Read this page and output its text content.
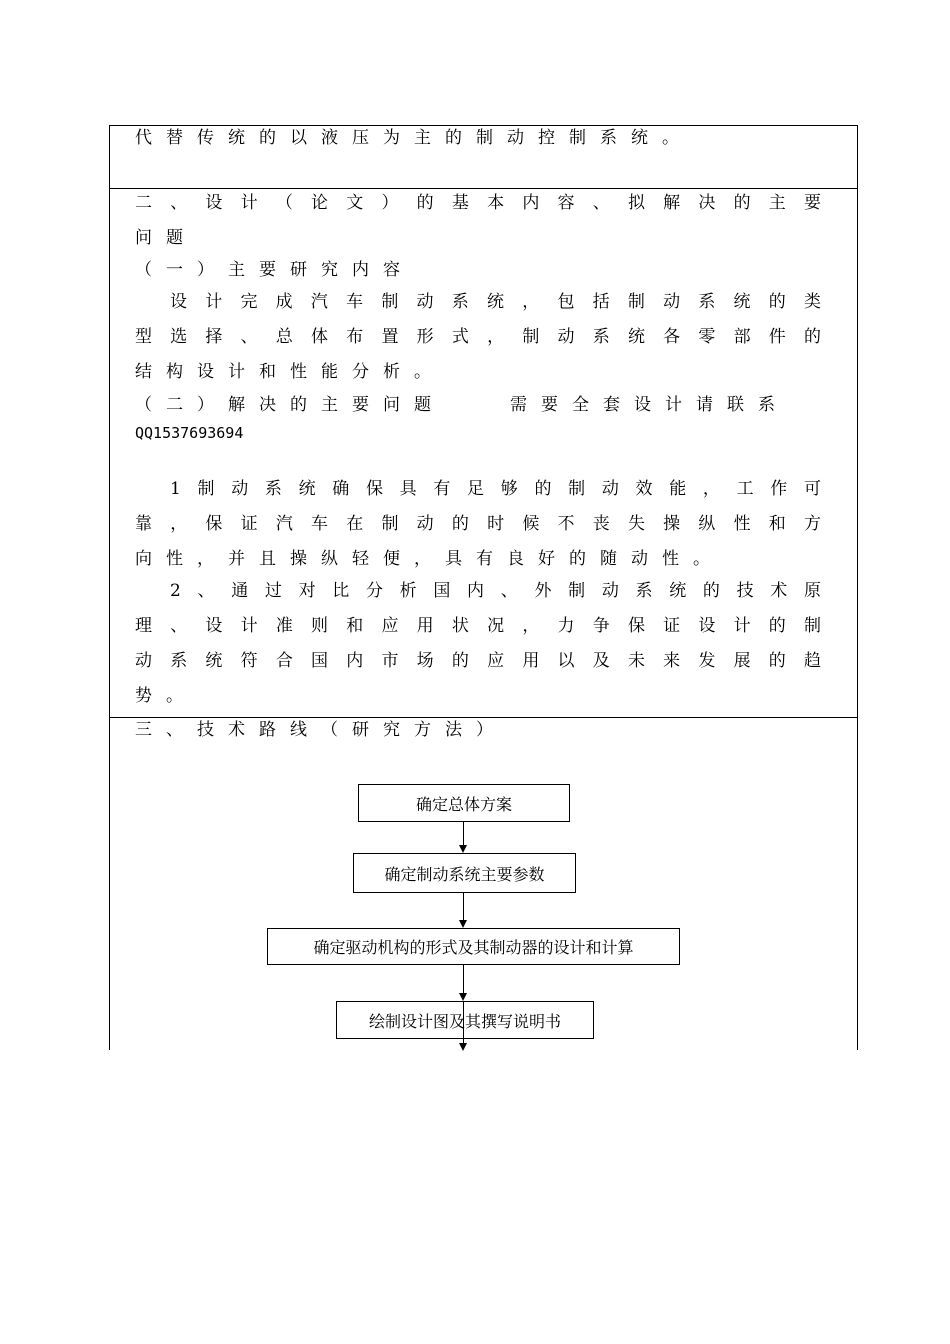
代替传统的以液压为主的制动控制系统。
二、设计（论文）的基本内容、拟解决的主要
问题
（一）主要研究内容
设计完成汽车制动系统，包括制动系统的类
型选择、总体布置形式，制动系统各零部件的
结构设计和性能分析。
（二）解决的主要问题	需要全套设计请联系
QQ1537693694
1制动系统确保具有足够的制动效能，工作可
靠，保证汽车在制动的时候不丧失操纵性和方
向性，并且操纵轻便，具有良好的随动性。
2、通过对比分析国内、外制动系统的技术原
理、设计准则和应用状况，力争保证设计的制
动系统符合国内市场的应用以及未来发展的趋
势。
三、技术路线（研究方法）
确定总体方案
确定制动系统主要参数
确定驱动机构的形式及其制动器的设计和计算
绘制设计图及其撰写说明书
